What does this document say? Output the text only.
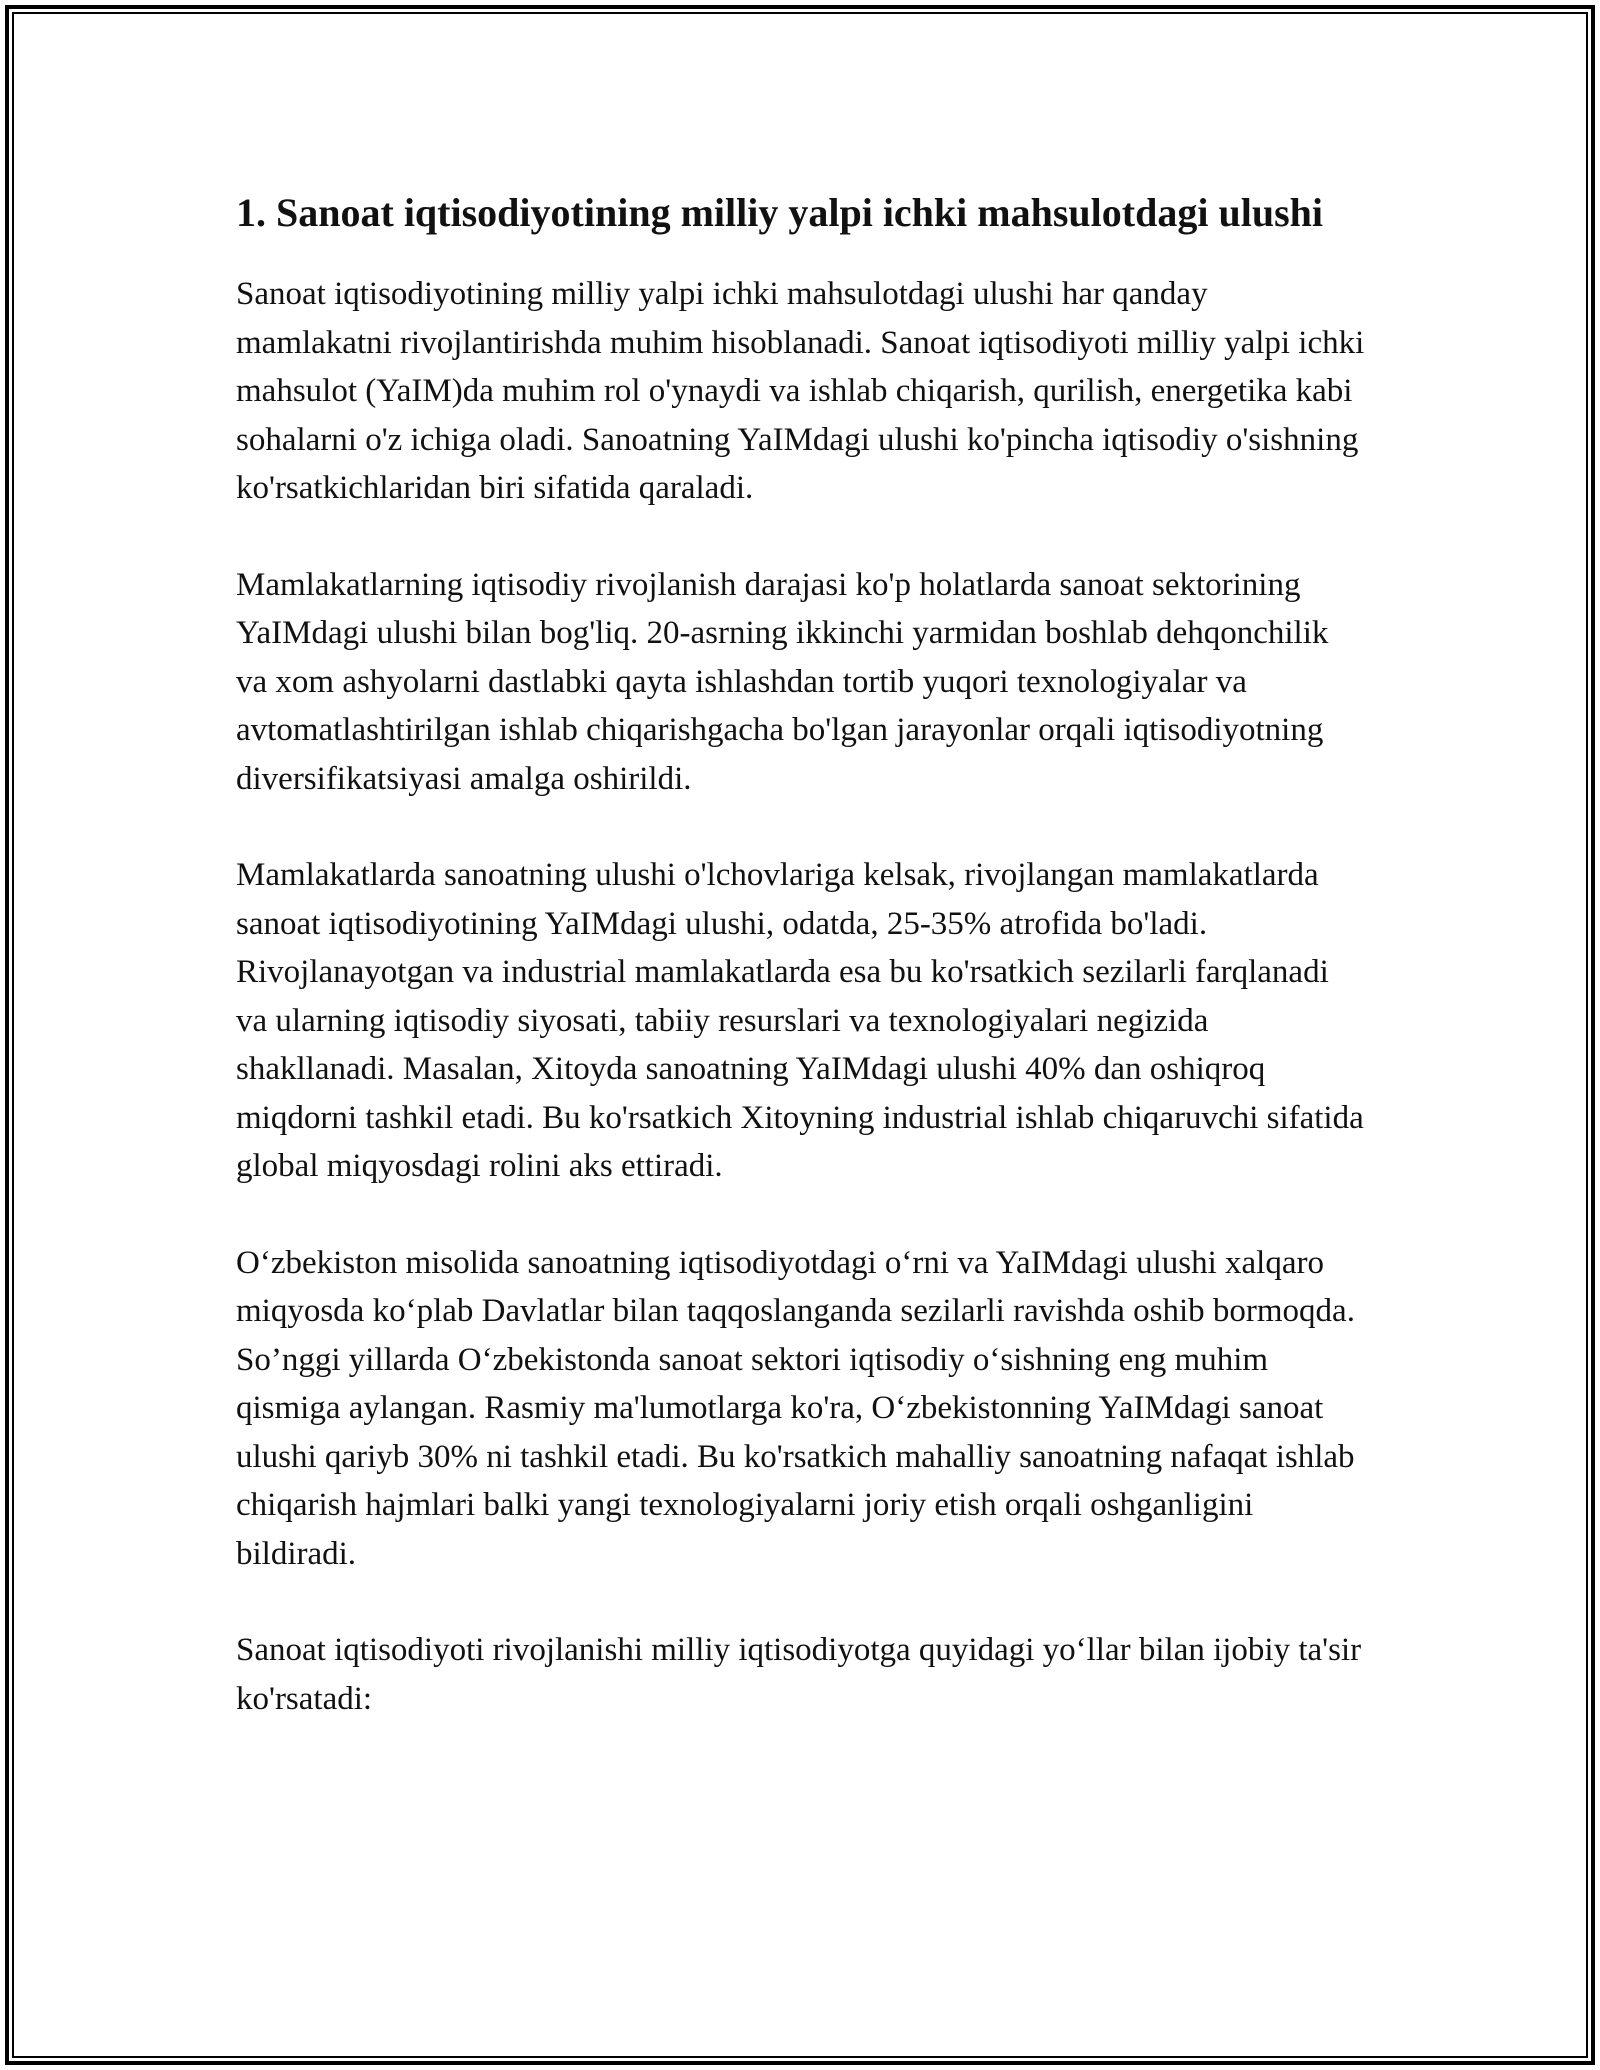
1. Sanoat iqtisodiyotining milliy yalpi ichki mahsulotdagi ulushi

Sanoat iqtisodiyotining milliy yalpi ichki mahsulotdagi ulushi har qanday mamlakatni rivojlantirishda muhim hisoblanadi. Sanoat iqtisodiyoti milliy yalpi ichki mahsulot (YaIM)da muhim rol o'ynaydi va ishlab chiqarish, qurilish, energetika kabi sohalarni o'z ichiga oladi. Sanoatning YaIMdagi ulushi ko'pincha iqtisodiy o'sishning ko'rsatkichlaridan biri sifatida qaraladi.

Mamlakatlarning iqtisodiy rivojlanish darajasi ko'p holatlarda sanoat sektorining YaIMdagi ulushi bilan bog'liq. 20-asrning ikkinchi yarmidan boshlab dehqonchilik va xom ashyolarni dastlabki qayta ishlashdan tortib yuqori texnologiyalar va avtomatlashtirilgan ishlab chiqarishgacha bo'lgan jarayonlar orqali iqtisodiyotning diversifikatsiyasi amalga oshirildi.

Mamlakatlarda sanoatning ulushi o'lchovlariga kelsak, rivojlangan mamlakatlarda sanoat iqtisodiyotining YaIMdagi ulushi, odatda, 25-35% atrofida bo'ladi. Rivojlanayotgan va industrial mamlakatlarda esa bu ko'rsatkich sezilarli farqlanadi va ularning iqtisodiy siyosati, tabiiy resurslari va texnologiyalari negizida shakllanadi. Masalan, Xitoyda sanoatning YaIMdagi ulushi 40% dan oshiqroq miqdorni tashkil etadi. Bu ko'rsatkich Xitoyning industrial ishlab chiqaruvchi sifatida global miqyosdagi rolini aks ettiradi.

O‘zbekiston misolida sanoatning iqtisodiyotdagi o‘rni va YaIMdagi ulushi xalqaro miqyosda ko‘plab Davlatlar bilan taqqoslanganda sezilarli ravishda oshib bormoqda. So’nggi yillarda O‘zbekistonda sanoat sektori iqtisodiy o‘sishning eng muhim qismiga aylangan. Rasmiy ma'lumotlarga ko'ra, O‘zbekistonning YaIMdagi sanoat ulushi qariyb 30% ni tashkil etadi. Bu ko'rsatkich mahalliy sanoatning nafaqat ishlab chiqarish hajmlari balki yangi texnologiyalarni joriy etish orqali oshganligini bildiradi.

Sanoat iqtisodiyoti rivojlanishi milliy iqtisodiyotga quyidagi yo‘llar bilan ijobiy ta'sir ko'rsatadi:
